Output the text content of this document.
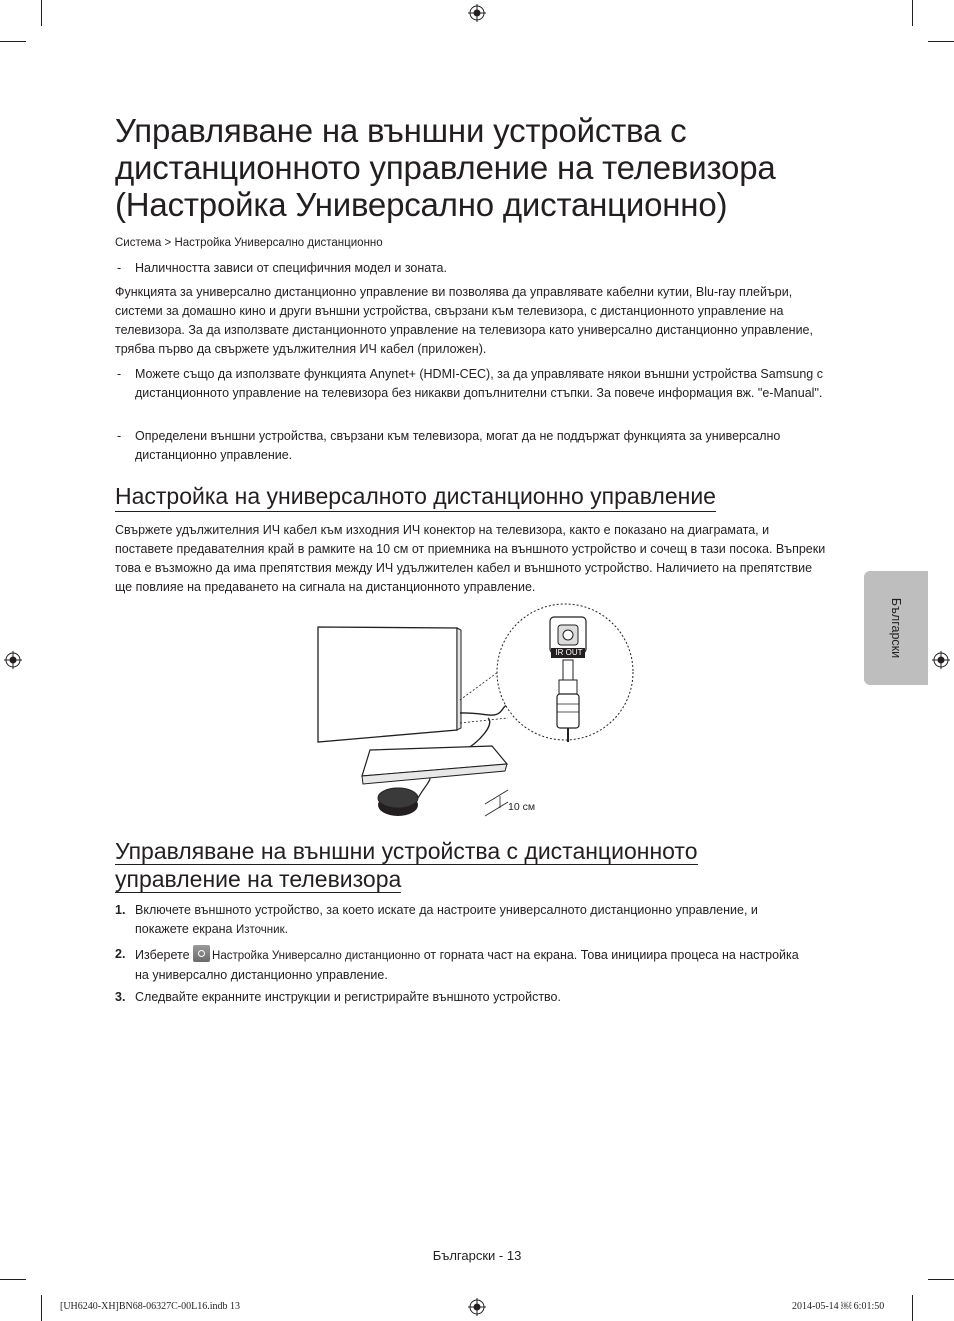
Управляване на външни устройства с дистанционното управление на телевизора (Настройка Универсално дистанционно)
Система > Настройка Универсално дистанционно
-	Наличността зависи от специфичния модел и зоната.

Функцията за универсално дистанционно управление ви позволява да управлявате кабелни кутии, Blu-ray плейъри, системи за домашно кино и други външни устройства, свързани към телевизора, с дистанционното управление на телевизора. За да използвате дистанционното управление на телевизора като универсално дистанционно управление, трябва първо да свържете удължителния ИЧ кабел (приложен).

-	Можете също да използвате функцията Anynet+ (HDMI-CEC), за да управлявате някои външни устройства Samsung с дистанционното управление на телевизора без никакви допълнителни стъпки. За повече информация вж. "e-Manual".
-	Определени външни устройства, свързани към телевизора, могат да не поддържат функцията за универсално дистанционно управление.
Настройка на универсалното дистанционно управление

Свържете удължителния ИЧ кабел към изходния ИЧ конектор на телевизора, както е показано на диаграмата, и поставете предавателния край в рамките на 10 см от приемника на външното устройство и сочещ в тази посока. Въпреки това е възможно да има препятствия между ИЧ удължителен кабел и външното устройство. Наличието на препятствие ще повлияе на предаването на сигнала на дистанционното управление.

IR OUT
10 см
Управляване на външни устройства с дистанционното управление на телевизора
1. Включете външното устройство, за което искате да настроите универсалното дистанционно управление, и покажете екрана Източник.
2. Изберете Настройка Универсално дистанционно от горната част на екрана. Това инициира процеса на настройка на универсално дистанционно управление.
3. Следвайте екранните инструкции и регистрирайте външното устройство.
Български
Български - 13
[UH6240-XH]BN68-06327C-00L16.indb 13	2014-05-14 ￼ 6:01:50
